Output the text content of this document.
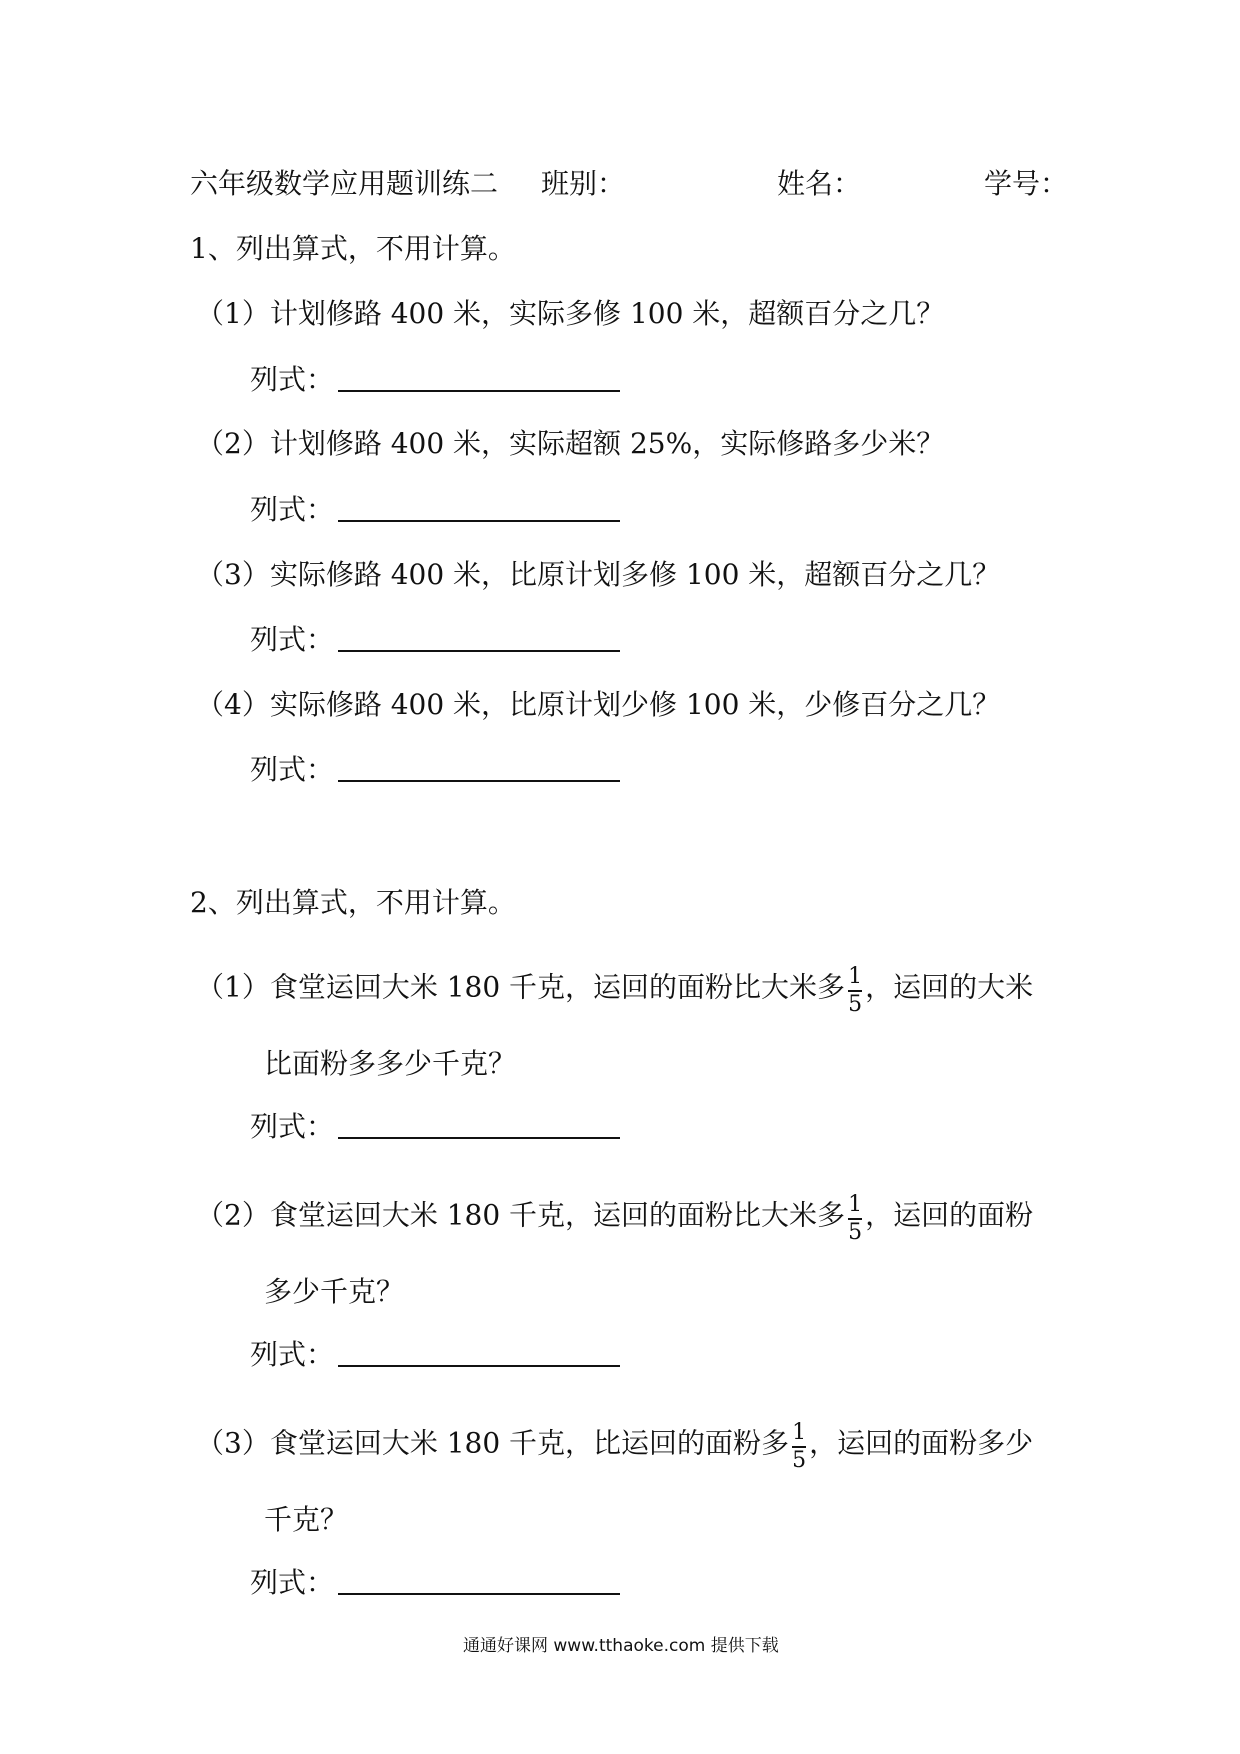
六年级数学应用题训练二 班别：	姓名：	学号：
1、列出算式，不用计算。
（1）计划修路 400 米，实际多修 100 米，超额百分之几？
列式：
（2）计划修路 400 米，实际超额 25%，实际修路多少米？
列式：
（3）实际修路 400 米，比原计划多修 100 米，超额百分之几？
列式：
（4）实际修路 400 米，比原计划少修 100 米，少修百分之几？
列式：
2、列出算式，不用计算。
（1）食堂运回大米 180 千克，运回的面粉比大米多 $\frac{1}{5}$ ，运回的大米
比面粉多多少千克？
列式：
（2）食堂运回大米 180 千克，运回的面粉比大米多 $\frac{1}{5}$ ，运回的面粉
多少千克？
列式：
（3）食堂运回大米 180 千克，比运回的面粉多 $\frac{1}{5}$ ，运回的面粉多少
千克？
列式：
通通好课网 www.tthaoke.com 提供下载
